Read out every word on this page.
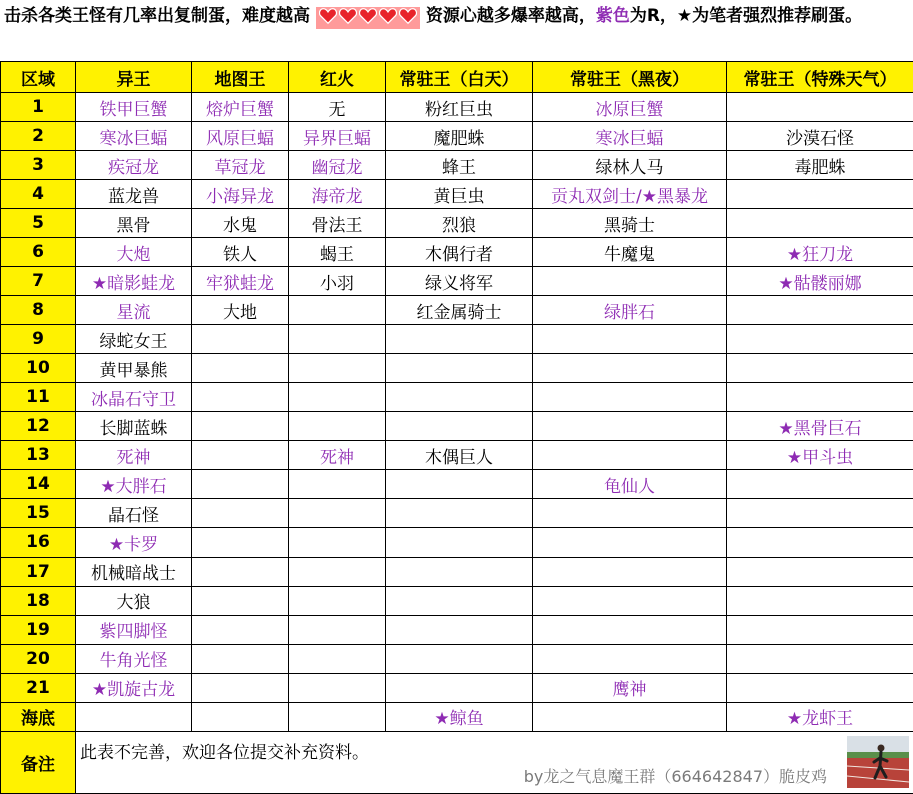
击杀各类王怪有几率出复制蛋，难度越高	资源心越多爆率越高，紫色为R，★为笔者强烈推荐刷蛋。
区域	异王	地图王	红火	常驻王（白天）	常驻王（黑夜）	常驻王（特殊天气）
1	铁甲巨蟹	熔炉巨蟹	无	粉红巨虫	冰原巨蟹	
2	寒冰巨蝠	风原巨蝠	异界巨蝠	魔肥蛛	寒冰巨蝠	沙漠石怪
3	疾冠龙	草冠龙	幽冠龙	蜂王	绿林人马	毒肥蛛
4	蓝龙兽	小海异龙	海帝龙	黄巨虫	贡丸双剑士/★黑暴龙	
5	黑骨	水鬼	骨法王	烈狼	黑骑士	
6	大炮	铁人	蝎王	木偶行者	牛魔鬼	★狂刀龙
7	★暗影蛙龙	牢狱蛙龙	小羽	绿义将军		★骷髅丽娜
8	星流	大地		红金属骑士	绿胖石	
9	绿蛇女王					
10	黄甲暴熊					
11	冰晶石守卫					
12	长脚蓝蛛					★黑骨巨石
13	死神		死神	木偶巨人		★甲斗虫
14	★大胖石				龟仙人	
15	晶石怪					
16	★卡罗					
17	机械暗战士					
18	大狼					
19	紫四脚怪					
20	牛角光怪					
21	★凯旋古龙				鹰神	
海底				★鲸鱼		★龙虾王
备注	此表不完善，欢迎各位提交补充资料。
by龙之气息魔王群（664642847）脆皮鸡					
